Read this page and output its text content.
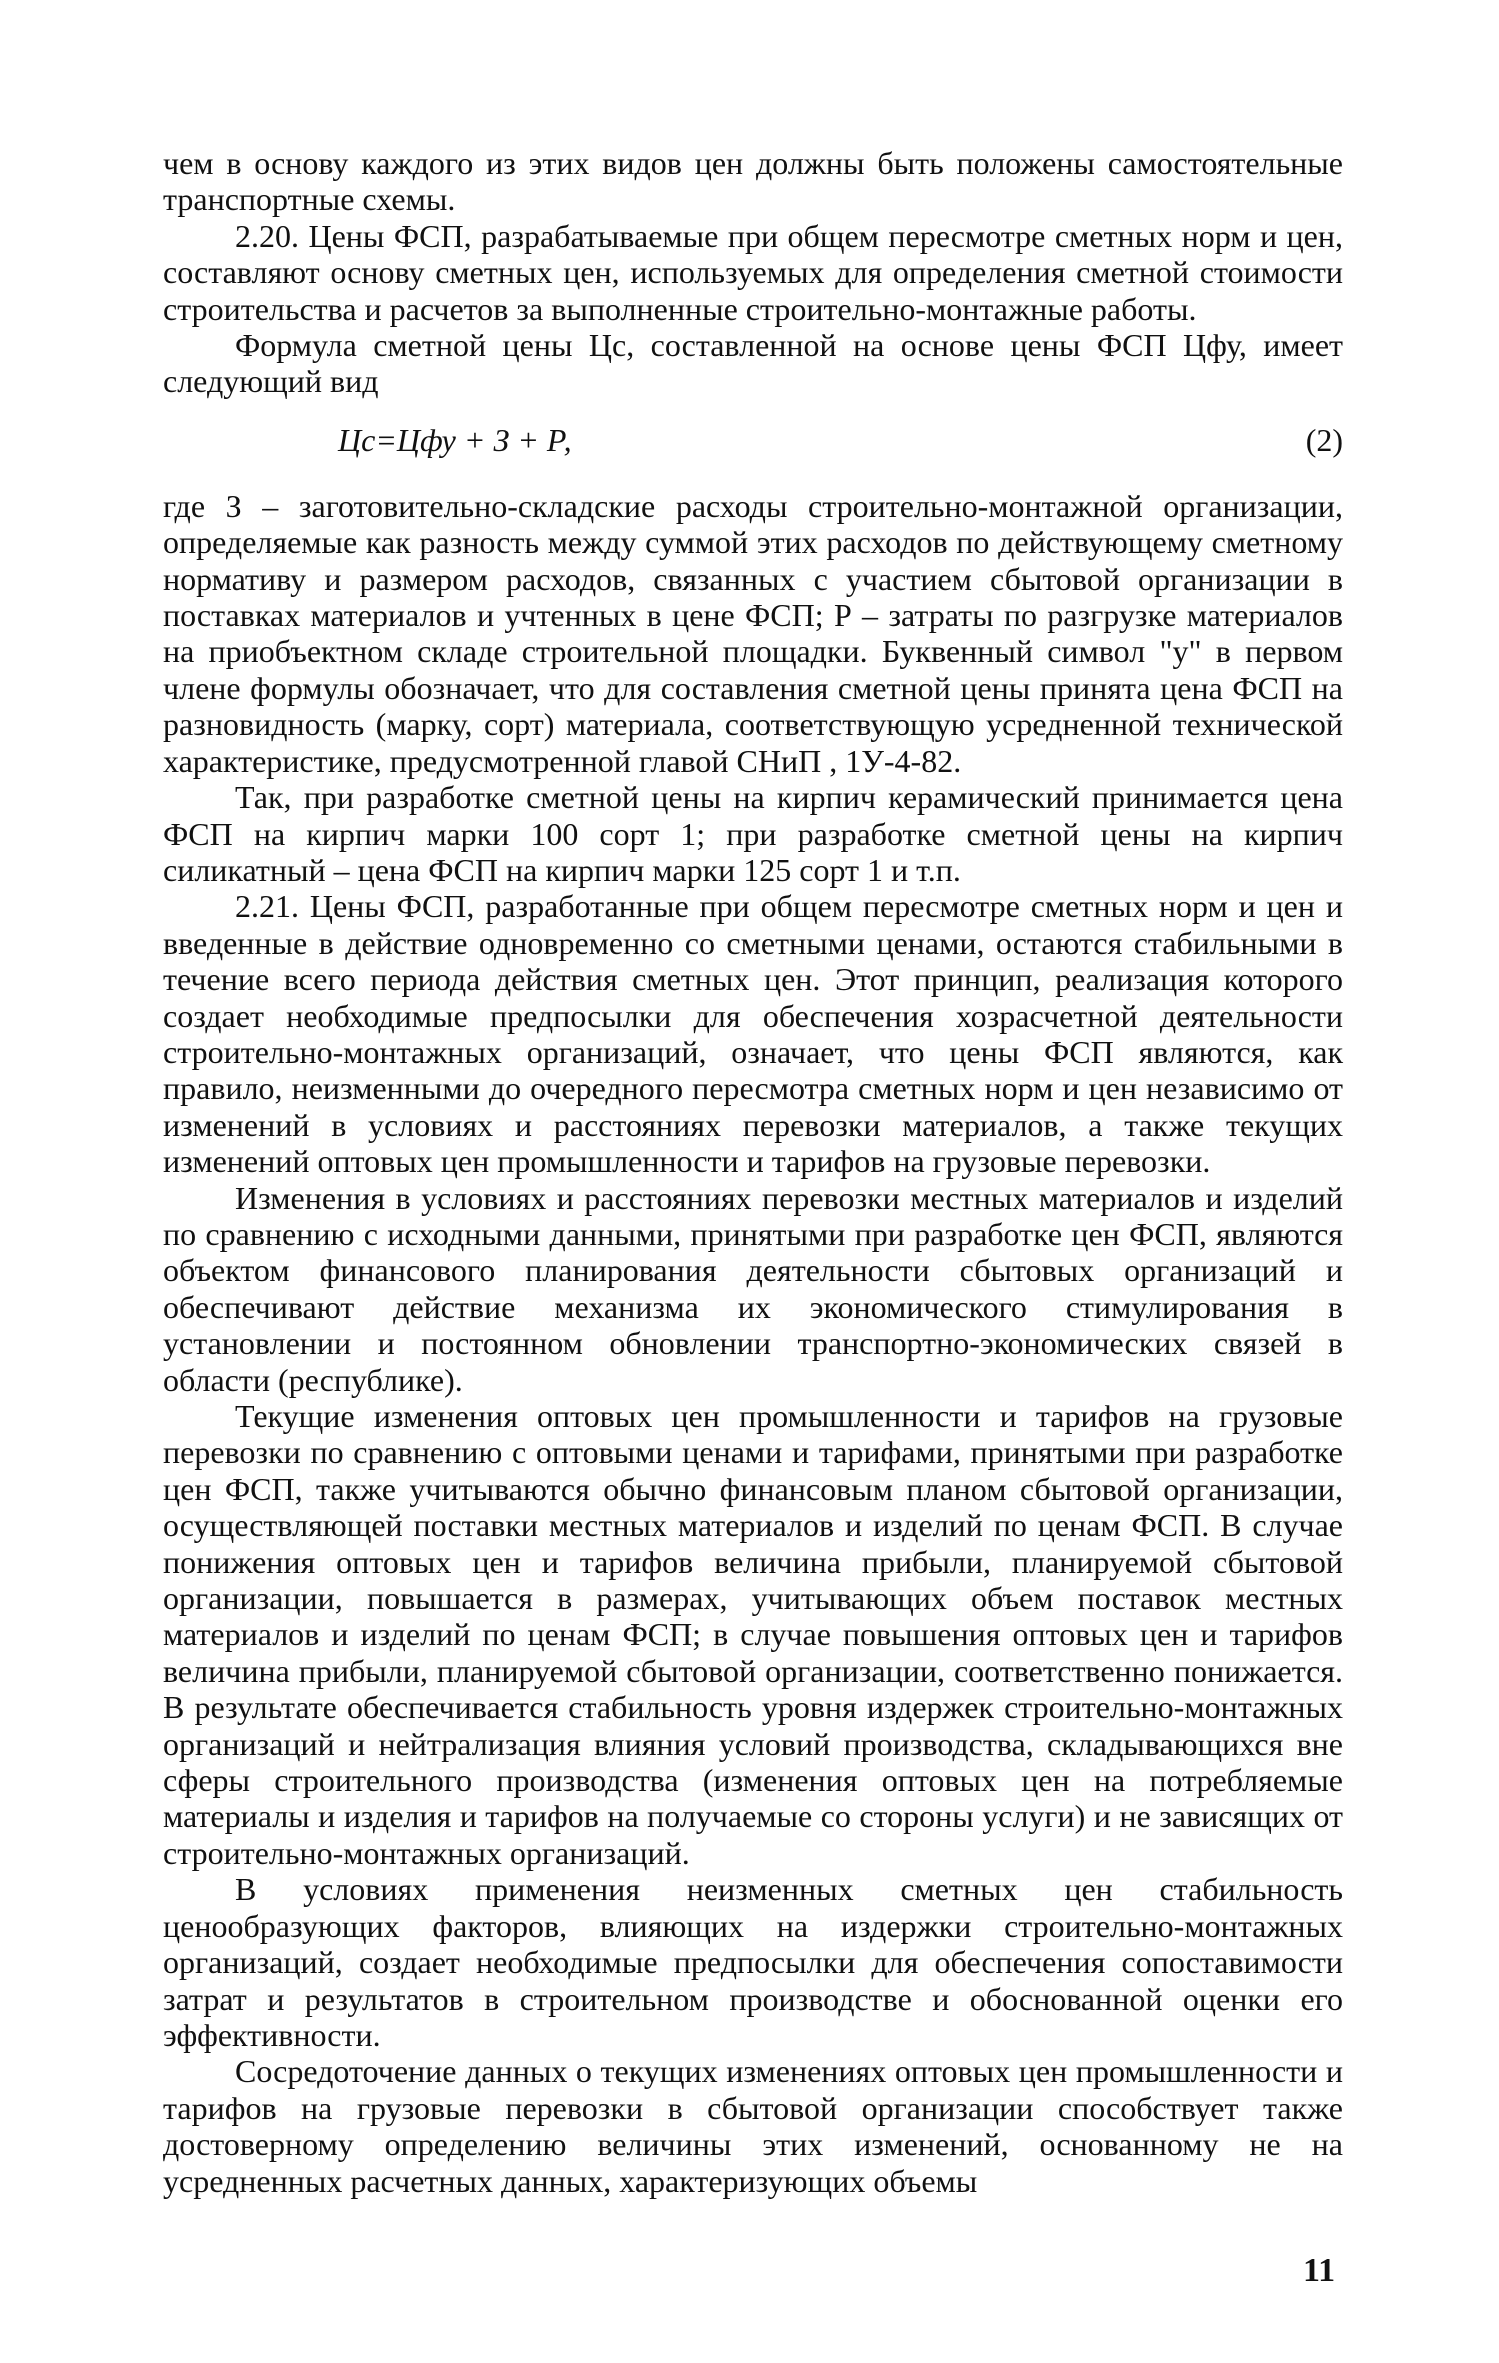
чем в основу каждого из этих видов цен должны быть положены самостоятельные транспортные схемы.

2.20. Цены ФСП, разрабатываемые при общем пересмотре сметных норм и цен, составляют основу сметных цен, используемых для определения сметной стоимости строительства и расчетов за выполненные строительно-монтажные работы.

Формула сметной цены Цс, составленной на основе цены ФСП Цфу, имеет следующий вид

Цс=Цфу + З + Р,	(2)

где З – заготовительно-складские расходы строительно-монтажной организации, определяемые как разность между суммой этих расходов по действующему сметному нормативу и размером расходов, связанных с участием сбытовой организации в поставках материалов и учтенных в цене ФСП; Р – затраты по разгрузке материалов на приобъектном складе строительной площадки. Буквенный символ "у" в первом члене формулы обозначает, что для составления сметной цены принята цена ФСП на разновидность (марку, сорт) материала, соответствующую усредненной технической характеристике, предусмотренной главой СНиП , 1У-4-82.

Так, при разработке сметной цены на кирпич керамический принимается цена ФСП на кирпич марки 100 сорт 1; при разработке сметной цены на кирпич силикатный – цена ФСП на кирпич марки 125 сорт 1 и т.п.

2.21. Цены ФСП, разработанные при общем пересмотре сметных норм и цен и введенные в действие одновременно со сметными ценами, остаются стабильными в течение всего периода действия сметных цен. Этот принцип, реализация которого создает необходимые предпосылки для обеспечения хозрасчетной деятельности строительно-монтажных организаций, означает, что цены ФСП являются, как правило, неизменными до очередного пересмотра сметных норм и цен независимо от изменений в условиях и расстояниях перевозки материалов, а также текущих изменений оптовых цен промышленности и тарифов на грузовые перевозки.

Изменения в условиях и расстояниях перевозки местных материалов и изделий по сравнению с исходными данными, принятыми при разработке цен ФСП, являются объектом финансового планирования деятельности сбытовых организаций и обеспечивают действие механизма их экономического стимулирования в установлении и постоянном обновлении транспортно-экономических связей в области (республике).

Текущие изменения оптовых цен промышленности и тарифов на грузовые перевозки по сравнению с оптовыми ценами и тарифами, принятыми при разработке цен ФСП, также учитываются обычно финансовым планом сбытовой организации, осуществляющей поставки местных материалов и изделий по ценам ФСП. В случае понижения оптовых цен и тарифов величина прибыли, планируемой сбытовой организации, повышается в размерах, учитывающих объем поставок местных материалов и изделий по ценам ФСП; в случае повышения оптовых цен и тарифов величина прибыли, планируемой сбытовой организации, соответственно понижается. В результате обеспечивается стабильность уровня издержек строительно-монтажных организаций и нейтрализация влияния условий производства, складывающихся вне сферы строительного производства (изменения оптовых цен на потребляемые материалы и изделия и тарифов на получаемые со стороны услуги) и не зависящих от строительно-монтажных организаций.

В условиях применения неизменных сметных цен стабильность ценообразующих факторов, влияющих на издержки строительно-монтажных организаций, создает необходимые предпосылки для обеспечения сопоставимости затрат и результатов в строительном производстве и обоснованной оценки его эффективности.

Сосредоточение данных о текущих изменениях оптовых цен промышленности и тарифов на грузовые перевозки в сбытовой организации способствует также достоверному определению величины этих изменений, основанному не на усредненных расчетных данных, характеризующих объемы

11
